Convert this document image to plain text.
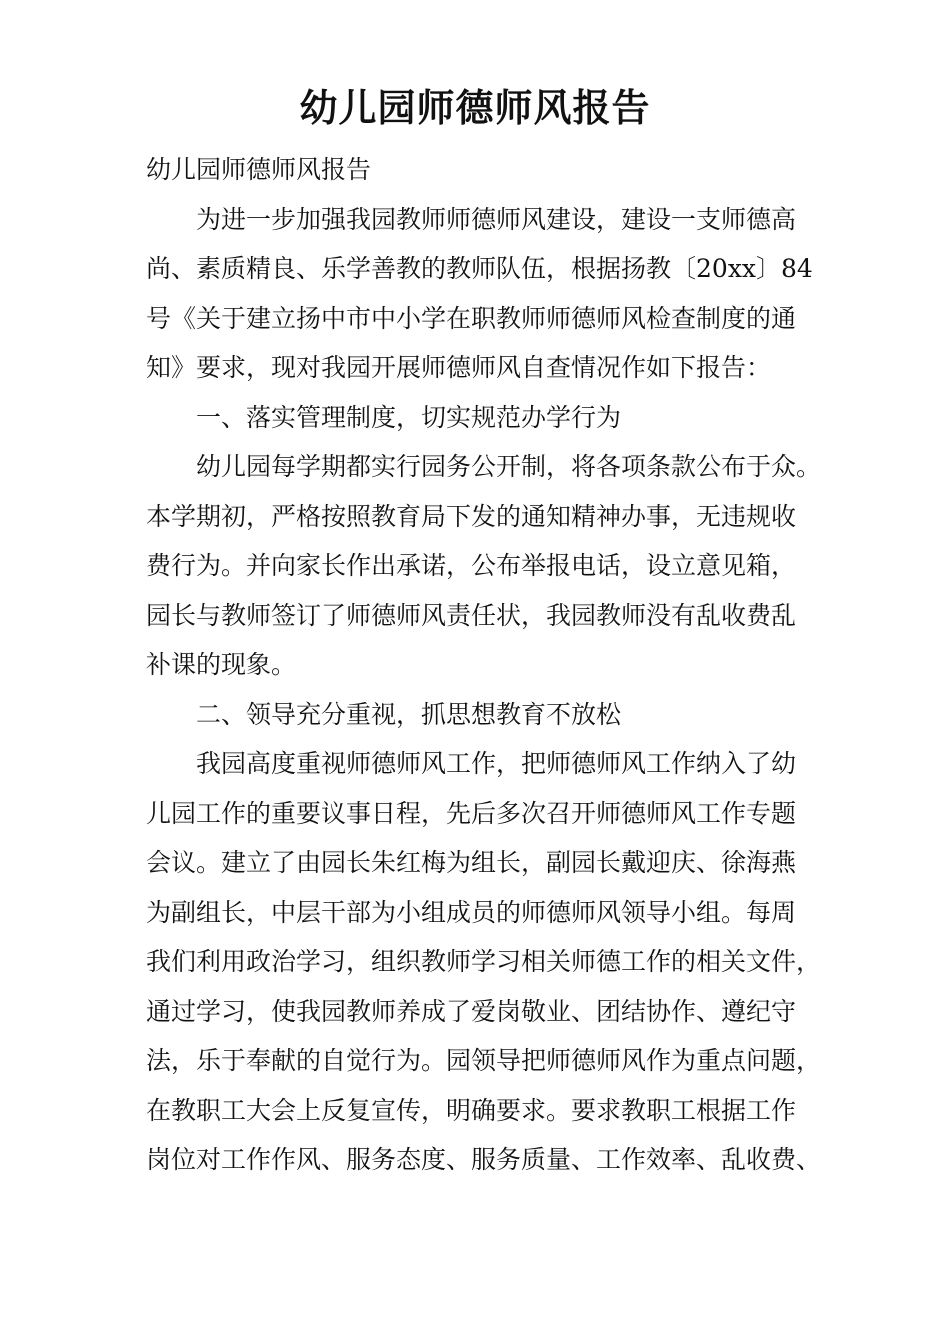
幼儿园师德师风报告

幼儿园师德师风报告

为进一步加强我园教师师德师风建设，建设一支师德高
尚、素质精良、乐学善教的教师队伍，根据扬教〔20xx〕84
号《关于建立扬中市中小学在职教师师德师风检查制度的通
知》要求，现对我园开展师德师风自查情况作如下报告：

一、落实管理制度，切实规范办学行为

幼儿园每学期都实行园务公开制，将各项条款公布于众。
本学期初，严格按照教育局下发的通知精神办事，无违规收
费行为。并向家长作出承诺，公布举报电话，设立意见箱，
园长与教师签订了师德师风责任状，我园教师没有乱收费乱
补课的现象。

二、领导充分重视，抓思想教育不放松

我园高度重视师德师风工作，把师德师风工作纳入了幼
儿园工作的重要议事日程，先后多次召开师德师风工作专题
会议。建立了由园长朱红梅为组长，副园长戴迎庆、徐海燕
为副组长，中层干部为小组成员的师德师风领导小组。每周
我们利用政治学习，组织教师学习相关师德工作的相关文件，
通过学习，使我园教师养成了爱岗敬业、团结协作、遵纪守
法，乐于奉献的自觉行为。园领导把师德师风作为重点问题，
在教职工大会上反复宣传，明确要求。要求教职工根据工作
岗位对工作作风、服务态度、服务质量、工作效率、乱收费、
